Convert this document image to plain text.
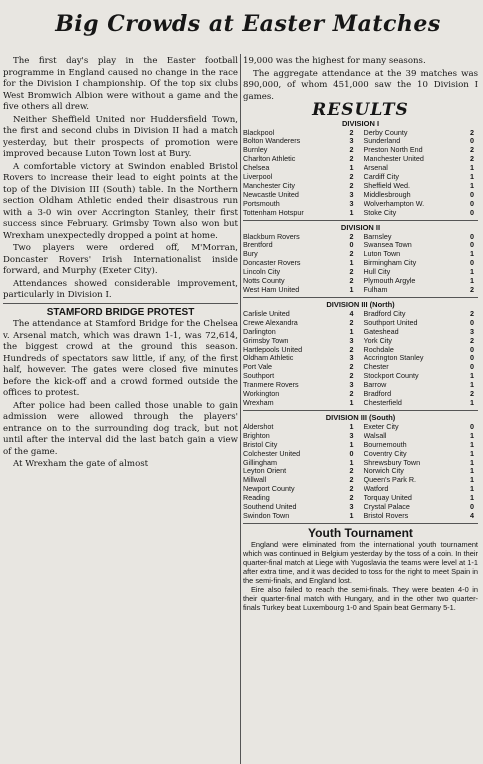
Big Crowds at Easter Matches

The first day's play in the Easter football programme in England caused no change in the race for the Division I championship. Of the top six clubs West Bromwich Albion were without a game and the five others all drew.

Neither Sheffield United nor Huddersfield Town, the first and second clubs in Division II had a match yesterday, but their prospects of promotion were improved because Luton Town lost at Bury.

A comfortable victory at Swindon enabled Bristol Rovers to increase their lead to eight points at the top of the Division III (South) table. In the Northern section Oldham Athletic ended their disastrous run with a 3-0 win over Accrington Stanley, their first success since February. Grimsby Town also won but Wrexham unexpectedly dropped a point at home.

Two players were ordered off, M'Morran, Doncaster Rovers' Irish Internationalist inside forward, and Murphy (Exeter City).

Attendances showed considerable improvement, particularly in Division I.

STAMFORD BRIDGE PROTEST

The attendance at Stamford Bridge for the Chelsea v. Arsenal match, which was drawn 1-1, was 72,614, the biggest crowd at the ground this season. Hundreds of spectators saw little, if any, of the first half, however. The gates were closed five minutes before the kick-off and a crowd formed outside the offices to protest.

After police had been called those unable to gain admission were allowed through the players' entrance on to the surrounding dog track, but not until after the interval did the last batch gain a view of the game.

At Wrexham the gate of almost

19,000 was the highest for many seasons.

The aggregate attendance at the 39 matches was 890,000, of whom 451,000 saw the 10 Division I games.

RESULTS
DIVISION I
Blackpool	2	Derby County	2
Bolton Wanderers	3	Sunderland	0
Burnley	2	Preston North End	2
Charlton Athletic	2	Manchester United	2
Chelsea	1	Arsenal	1
Liverpool	2	Cardiff City	1
Manchester City	2	Sheffield Wed.	1
Newcastle United	3	Middlesbrough	0
Portsmouth	3	Wolverhampton W.	0
Tottenham Hotspur	1	Stoke City	0
DIVISION II
Blackburn Rovers	2	Barnsley	0
Brentford	0	Swansea Town	0
Bury	2	Luton Town	1
Doncaster Rovers	1	Birmingham City	0
Lincoln City	2	Hull City	1
Notts County	2	Plymouth Argyle	1
West Ham United	1	Fulham	2
DIVISION III (North)
Carlisle United	4	Bradford City	2
Crewe Alexandra	2	Southport United	0
Darlington	1	Gateshead	3
Grimsby Town	3	York City	2
Hartlepools United	2	Rochdale	0
Oldham Athletic	3	Accrington Stanley	0
Port Vale	2	Chester	0
Southport	2	Stockport County	1
Tranmere Rovers	3	Barrow	1
Workington	2	Bradford	2
Wrexham	1	Chesterfield	1
DIVISION III (South)
Aldershot	1	Exeter City	0
Brighton	3	Walsall	1
Bristol City	1	Bournemouth	1
Colchester United	0	Coventry City	1
Gillingham	1	Shrewsbury Town	1
Leyton Orient	2	Norwich City	1
Millwall	2	Queen's Park R.	1
Newport County	2	Watford	1
Reading	2	Torquay United	1
Southend United	3	Crystal Palace	0
Swindon Town	1	Bristol Rovers	4
Youth Tournament

England were eliminated from the international youth tournament which was continued in Belgium yesterday by the toss of a coin. In their quarter-final match at Liege with Yugoslavia the teams were level at 1-1 after extra time, and it was decided to toss for the right to meet Spain in the semi-finals, and England lost.

Eire also failed to reach the semi-finals. They were beaten 4-0 in their quarter-final match with Hungary, and in the other two quarter-finals Turkey beat Luxembourg 1-0 and Spain beat Germany 5-1.
